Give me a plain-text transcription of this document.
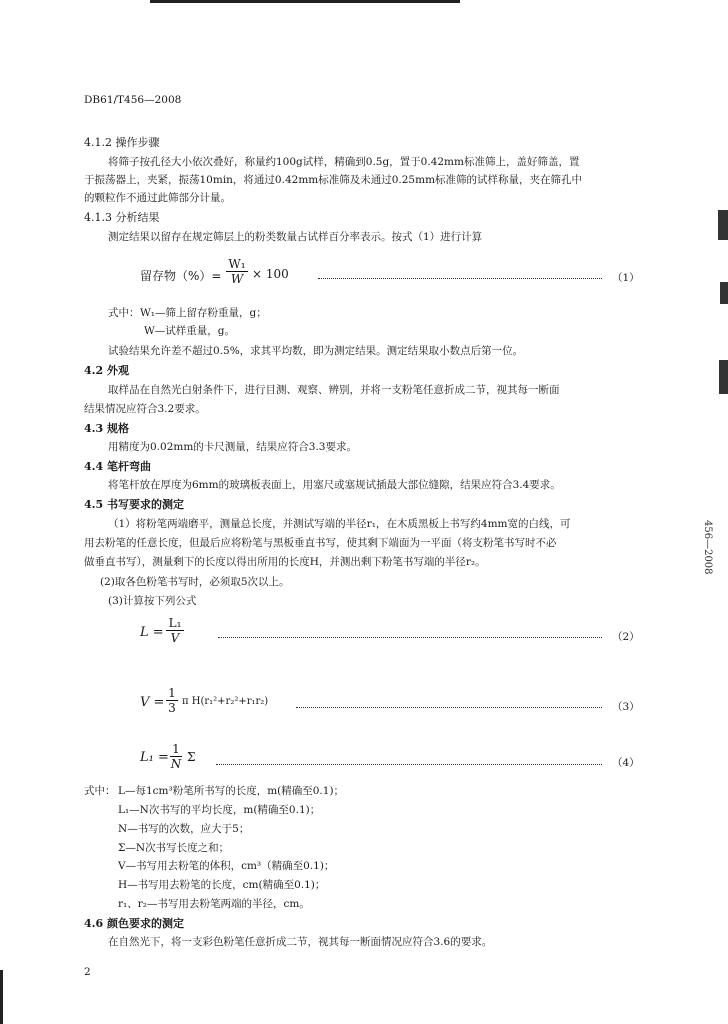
456—2008
DB61/T456—2008
4.1.2 操作步骤
将筛子按孔径大小依次叠好，称量约100g试样，精确到0.5g，置于0.42mm标准筛上，盖好筛盖，置
于振荡器上，夹紧，振荡10min，将通过0.42mm标准筛及未通过0.25mm标准筛的试样称量，夹在筛孔中
的颗粒作不通过此筛部分计量。
4.1.3 分析结果
测定结果以留存在规定筛层上的粉类数量占试样百分率表示。按式（1）进行计算
留存物（%）= $\frac{\text{W₁}}{W} \times 100$	（1）
式中： W₁—筛上留存粉重量，g；
W—试样重量，g。
试验结果允许差不超过0.5%，求其平均数，即为测定结果。测定结果取小数点后第一位。
4.2 外观
取样品在自然光白射条件下，进行目测、观察、辨别，并将一支粉笔任意折成二节，视其每一断面
结果情况应符合3.2要求。
4.3 规格
用精度为0.02mm的卡尺测量，结果应符合3.3要求。
4.4 笔杆弯曲
将笔杆放在厚度为6mm的玻璃板表面上，用塞尺或塞规试插最大部位缝隙，结果应符合3.4要求。
4.5 书写要求的测定
（1）将粉笔两端磨平，测量总长度，并测试写端的半径r₁，在木质黑板上书写约4mm宽的白线，可
用去粉笔的任意长度，但最后应将粉笔与黑板垂直书写，使其剩下端面为一平面（将支粉笔书写时不必
做垂直书写），测量剩下的长度以得出所用的长度H，并测出剩下粉笔书写端的半径r₂。
(2)取各色粉笔书写时，必须取5次以上。
(3)计算按下列公式
$L = \frac{\text{L₁}}{V}$	（2）
$V = \frac{1}{3}$ π H(r₁²+r₂²+r₁r₂)	（3）
$L_1 = \frac{1}{N}$ Σ	（4）
式中： L—每1cm³粉笔所书写的长度，m(精确至0.1)；
L₁—N次书写的平均长度，m(精确至0.1)；
N—书写的次数，应大于5；
Σ—N次书写长度之和；
V—书写用去粉笔的体积，cm³（精确至0.1)；
H—书写用去粉笔的长度，cm(精确至0.1)；
r₁、r₂—书写用去粉笔两端的半径，cm。
4.6 颜色要求的测定
在自然光下，将一支彩色粉笔任意折成二节，视其每一断面情况应符合3.6的要求。
2
